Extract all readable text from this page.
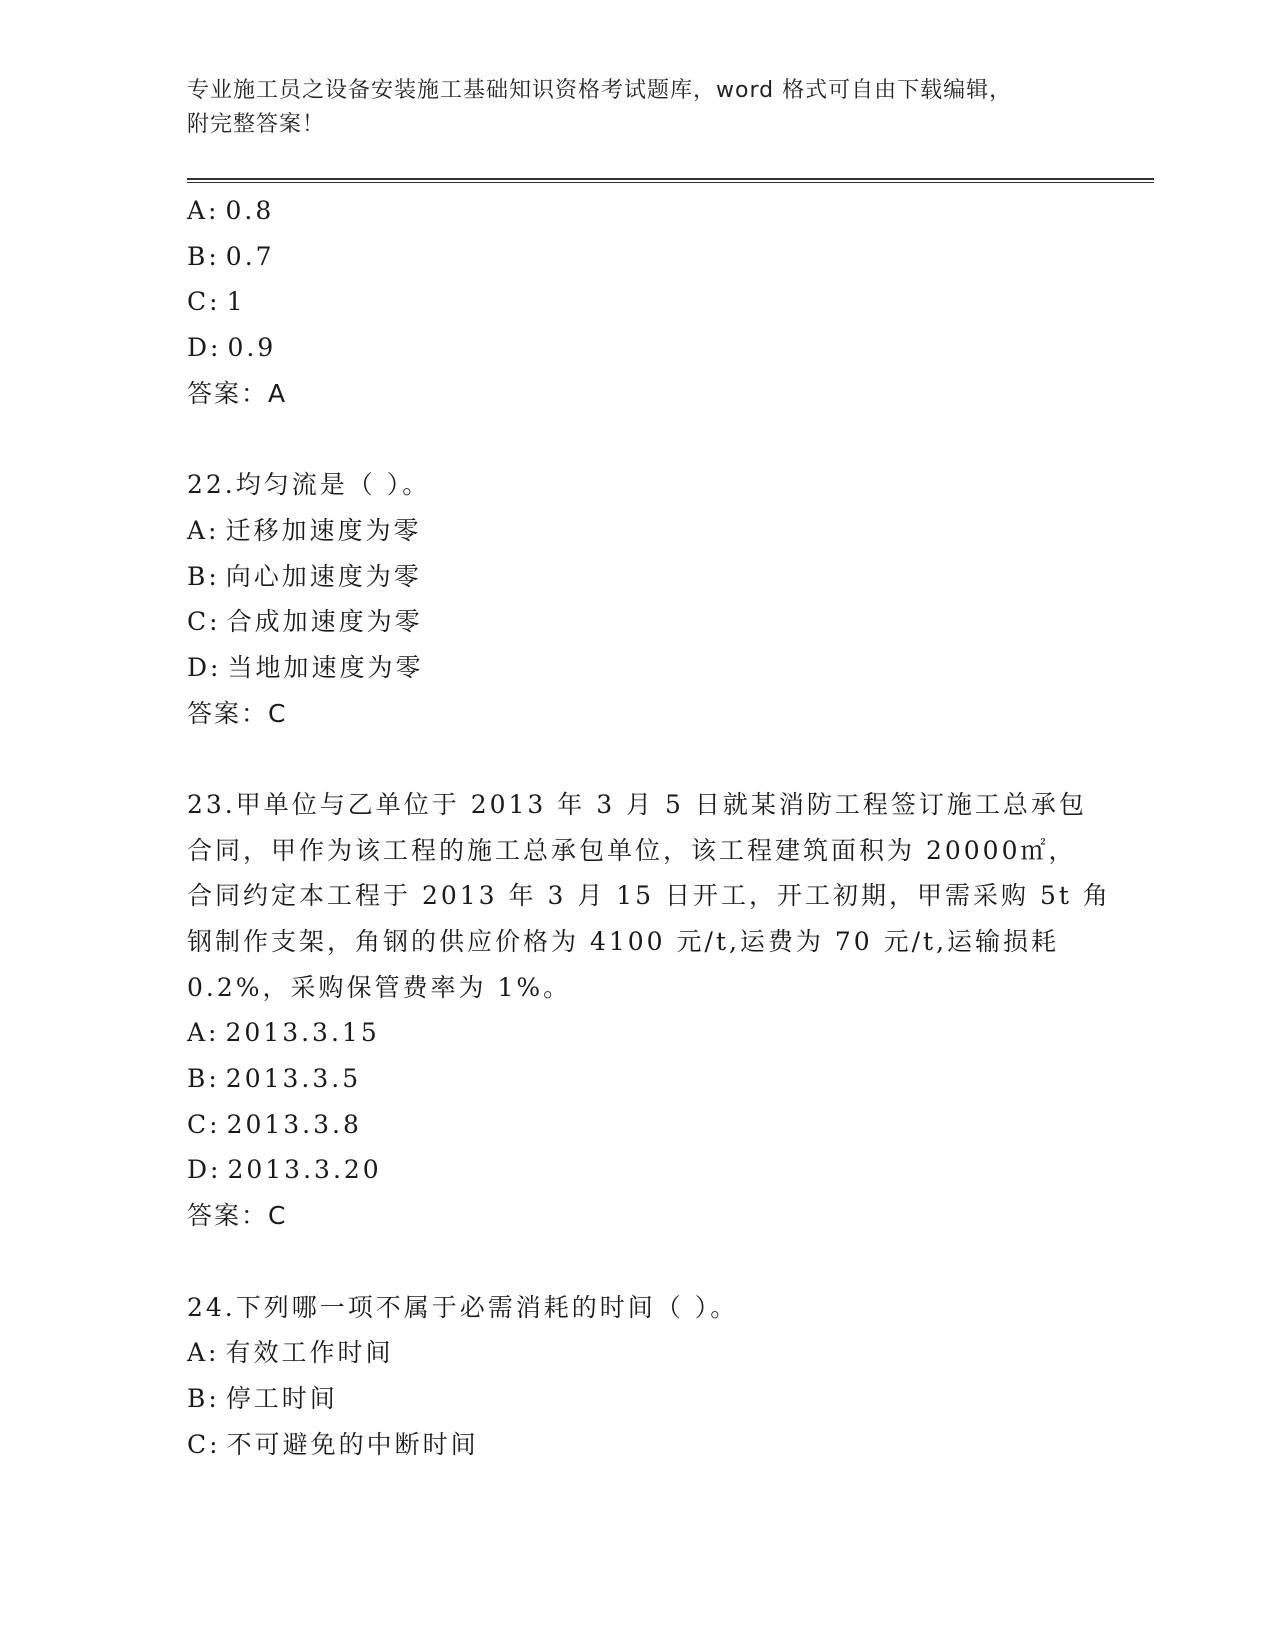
专业施工员之设备安装施工基础知识资格考试题库，word 格式可自由下载编辑，
附完整答案！
A: 0.8
B: 0.7
C: 1
D: 0.9
答案：A
22.均匀流是（ ）。
A: 迁移加速度为零
B: 向心加速度为零
C: 合成加速度为零
D: 当地加速度为零
答案：C
23.甲单位与乙单位于 2013 年 3 月 5 日就某消防工程签订施工总承包
合同，甲作为该工程的施工总承包单位，该工程建筑面积为 20000㎡，
合同约定本工程于 2013 年 3 月 15 日开工，开工初期，甲需采购 5t 角
钢制作支架，角钢的供应价格为 4100 元/t,运费为 70 元/t,运输损耗
0.2%，采购保管费率为 1%。
A: 2013.3.15
B: 2013.3.5
C: 2013.3.8
D: 2013.3.20
答案：C
24.下列哪一项不属于必需消耗的时间（ ）。
A: 有效工作时间
B: 停工时间
C: 不可避免的中断时间
